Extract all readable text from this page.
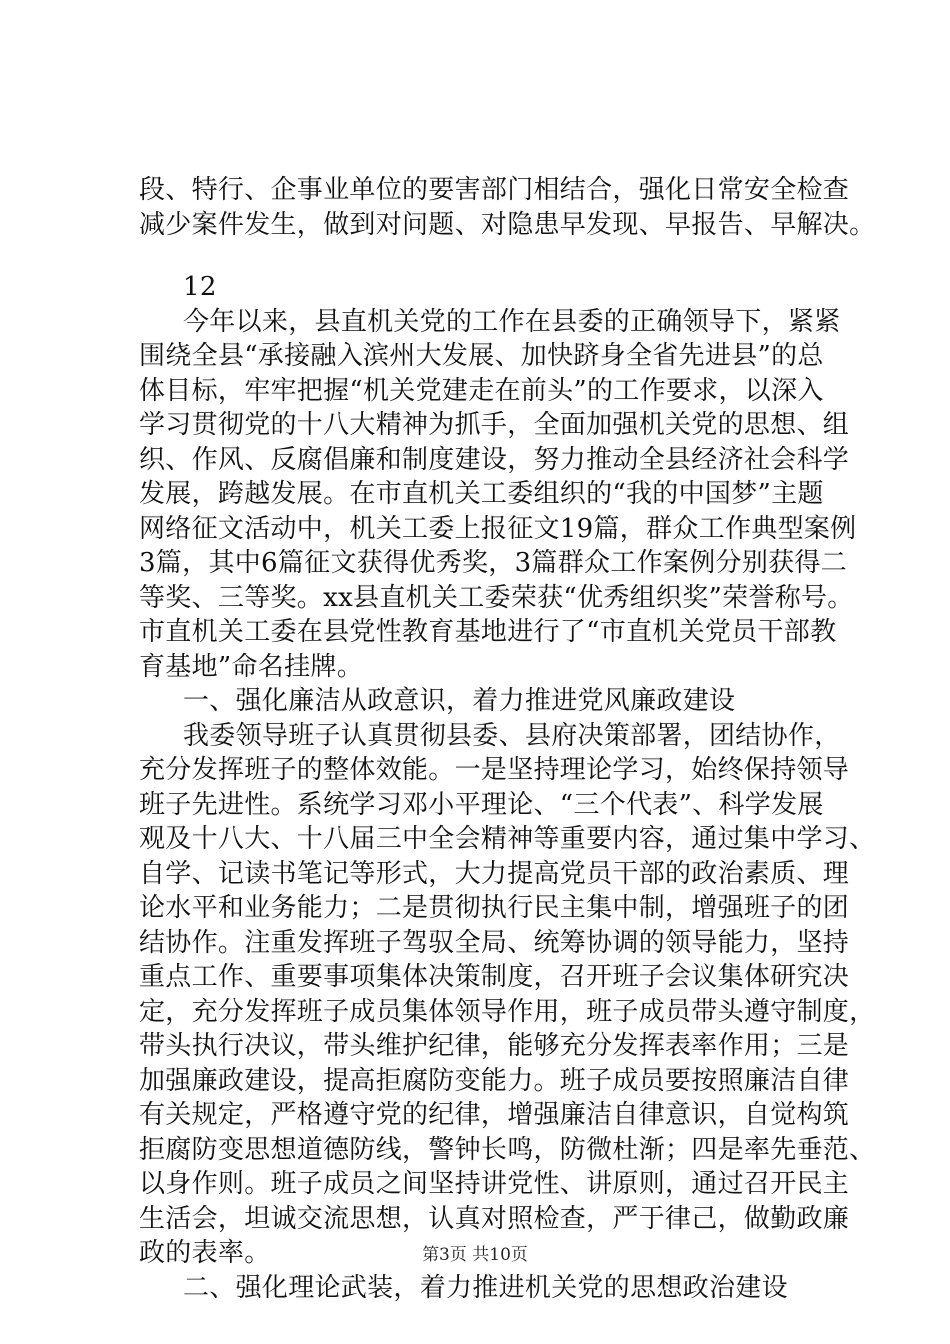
段、特行、企事业单位的要害部门相结合，强化日常安全检查
减少案件发生，做到对问题、对隐患早发现、早报告、早解决。
12
今年以来，县直机关党的工作在县委的正确领导下，紧紧
围绕全县“承接融入滨州大发展、加快跻身全省先进县”的总
体目标，牢牢把握“机关党建走在前头”的工作要求，以深入
学习贯彻党的十八大精神为抓手，全面加强机关党的思想、组
织、作风、反腐倡廉和制度建设，努力推动全县经济社会科学
发展，跨越发展。在市直机关工委组织的“我的中国梦”主题
网络征文活动中，机关工委上报征文19篇，群众工作典型案例
3篇，其中6篇征文获得优秀奖，3篇群众工作案例分别获得二
等奖、三等奖。xx县直机关工委荣获“优秀组织奖”荣誉称号。
市直机关工委在县党性教育基地进行了“市直机关党员干部教
育基地”命名挂牌。
一、强化廉洁从政意识，着力推进党风廉政建设
我委领导班子认真贯彻县委、县府决策部署，团结协作，
充分发挥班子的整体效能。一是坚持理论学习，始终保持领导
班子先进性。系统学习邓小平理论、“三个代表”、科学发展
观及十八大、十八届三中全会精神等重要内容，通过集中学习、
自学、记读书笔记等形式，大力提高党员干部的政治素质、理
论水平和业务能力；二是贯彻执行民主集中制，增强班子的团
结协作。注重发挥班子驾驭全局、统筹协调的领导能力，坚持
重点工作、重要事项集体决策制度，召开班子会议集体研究决
定，充分发挥班子成员集体领导作用，班子成员带头遵守制度，
带头执行决议，带头维护纪律，能够充分发挥表率作用；三是
加强廉政建设，提高拒腐防变能力。班子成员要按照廉洁自律
有关规定，严格遵守党的纪律，增强廉洁自律意识，自觉构筑
拒腐防变思想道德防线，警钟长鸣，防微杜渐；四是率先垂范、
以身作则。班子成员之间坚持讲党性、讲原则，通过召开民主
生活会，坦诚交流思想，认真对照检查，严于律己，做勤政廉
政的表率。
二、强化理论武装，着力推进机关党的思想政治建设
第3页 共10页
